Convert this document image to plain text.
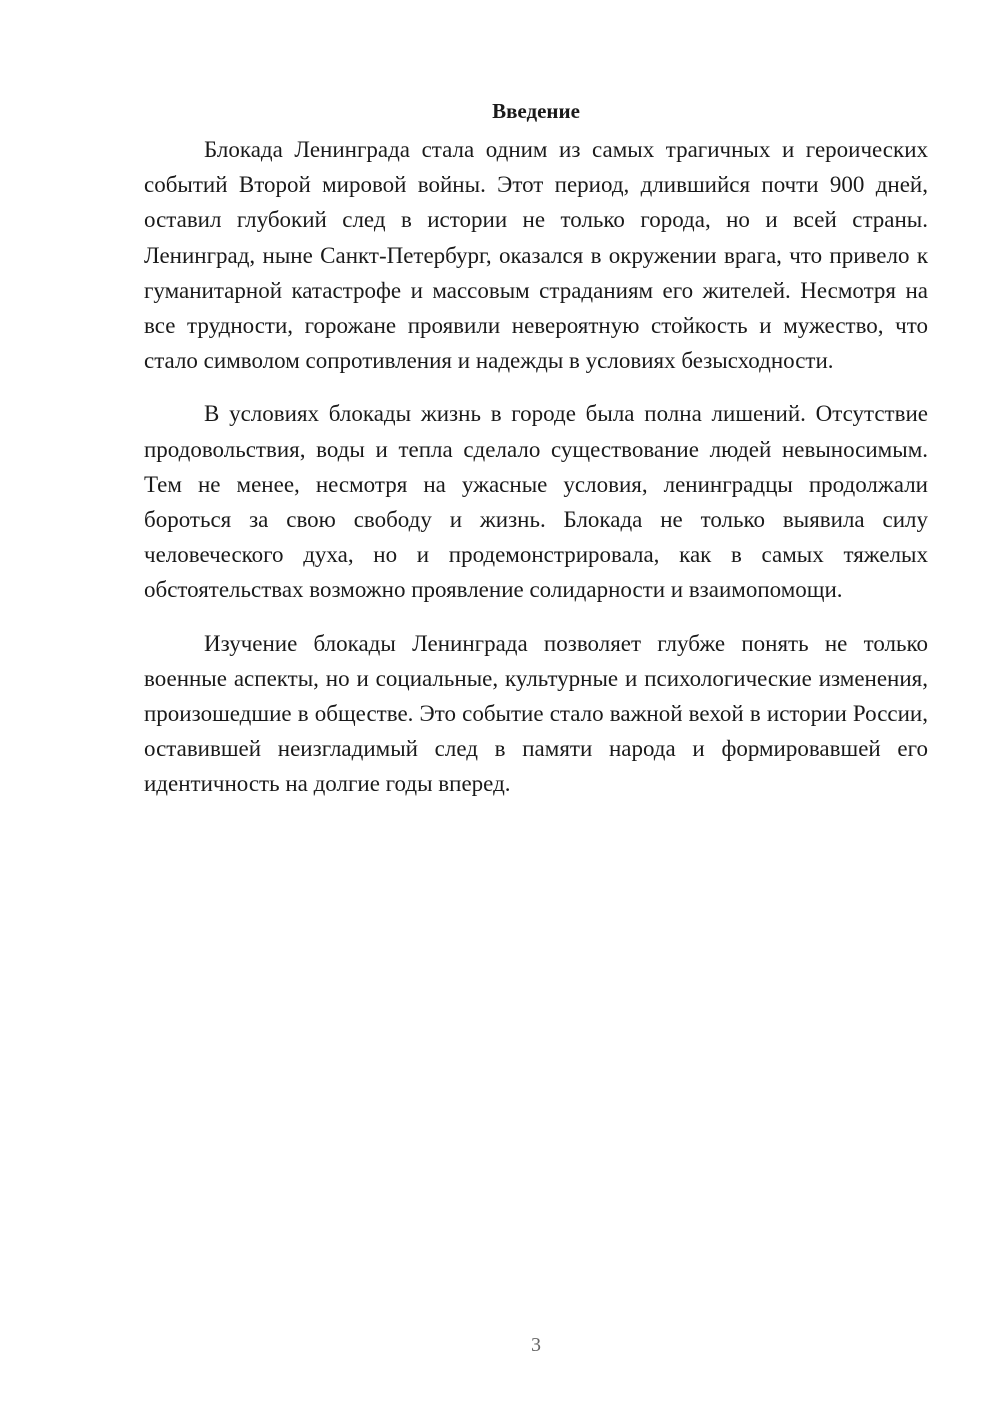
Введение

Блокада Ленинграда стала одним из самых трагичных и героических событий Второй мировой войны. Этот период, длившийся почти 900 дней, оставил глубокий след в истории не только города, но и всей страны. Ленинград, ныне Санкт-Петербург, оказался в окружении врага, что привело к гуманитарной катастрофе и массовым страданиям его жителей. Несмотря на все трудности, горожане проявили невероятную стойкость и мужество, что стало символом сопротивления и надежды в условиях безысходности.

В условиях блокады жизнь в городе была полна лишений. Отсутствие продовольствия, воды и тепла сделало существование людей невыносимым. Тем не менее, несмотря на ужасные условия, ленинградцы продолжали бороться за свою свободу и жизнь. Блокада не только выявила силу человеческого духа, но и продемонстрировала, как в самых тяжелых обстоятельствах возможно проявление солидарности и взаимопомощи.

Изучение блокады Ленинграда позволяет глубже понять не только военные аспекты, но и социальные, культурные и психологические изменения, произошедшие в обществе. Это событие стало важной вехой в истории России, оставившей неизгладимый след в памяти народа и формировавшей его идентичность на долгие годы вперед.

3
